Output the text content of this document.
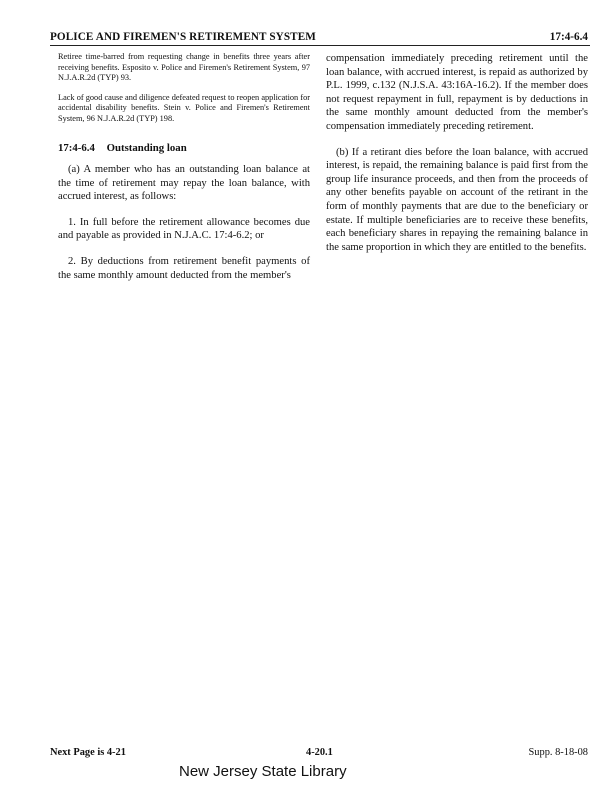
POLICE AND FIREMEN'S RETIREMENT SYSTEM	17:4-6.4

Retiree time-barred from requesting change in benefits three years after receiving benefits. Esposito v. Police and Firemen's Retirement System, 97 N.J.A.R.2d (TYP) 93.

Lack of good cause and diligence defeated request to reopen application for accidental disability benefits. Stein v. Police and Firemen's Retirement System, 96 N.J.A.R.2d (TYP) 198.

17:4-6.4 Outstanding loan

(a) A member who has an outstanding loan balance at the time of retirement may repay the loan balance, with accrued interest, as follows:

1. In full before the retirement allowance becomes due and payable as provided in N.J.A.C. 17:4-6.2; or

2. By deductions from retirement benefit payments of the same monthly amount deducted from the member's

compensation immediately preceding retirement until the loan balance, with accrued interest, is repaid as authorized by P.L. 1999, c.132 (N.J.S.A. 43:16A-16.2). If the member does not request repayment in full, repayment is by deductions in the same monthly amount deducted from the member's compensation immediately preceding retirement.

(b) If a retirant dies before the loan balance, with accrued interest, is repaid, the remaining balance is paid first from the group life insurance proceeds, and then from the proceeds of any other benefits payable on account of the retirant in the form of monthly payments that are due to the beneficiary or estate. If multiple beneficiaries are to receive these benefits, each beneficiary shares in repaying the remaining balance in the same proportion in which they are entitled to the benefits.

Next Page is 4-21	4-20.1	Supp. 8-18-08
New Jersey State Library
